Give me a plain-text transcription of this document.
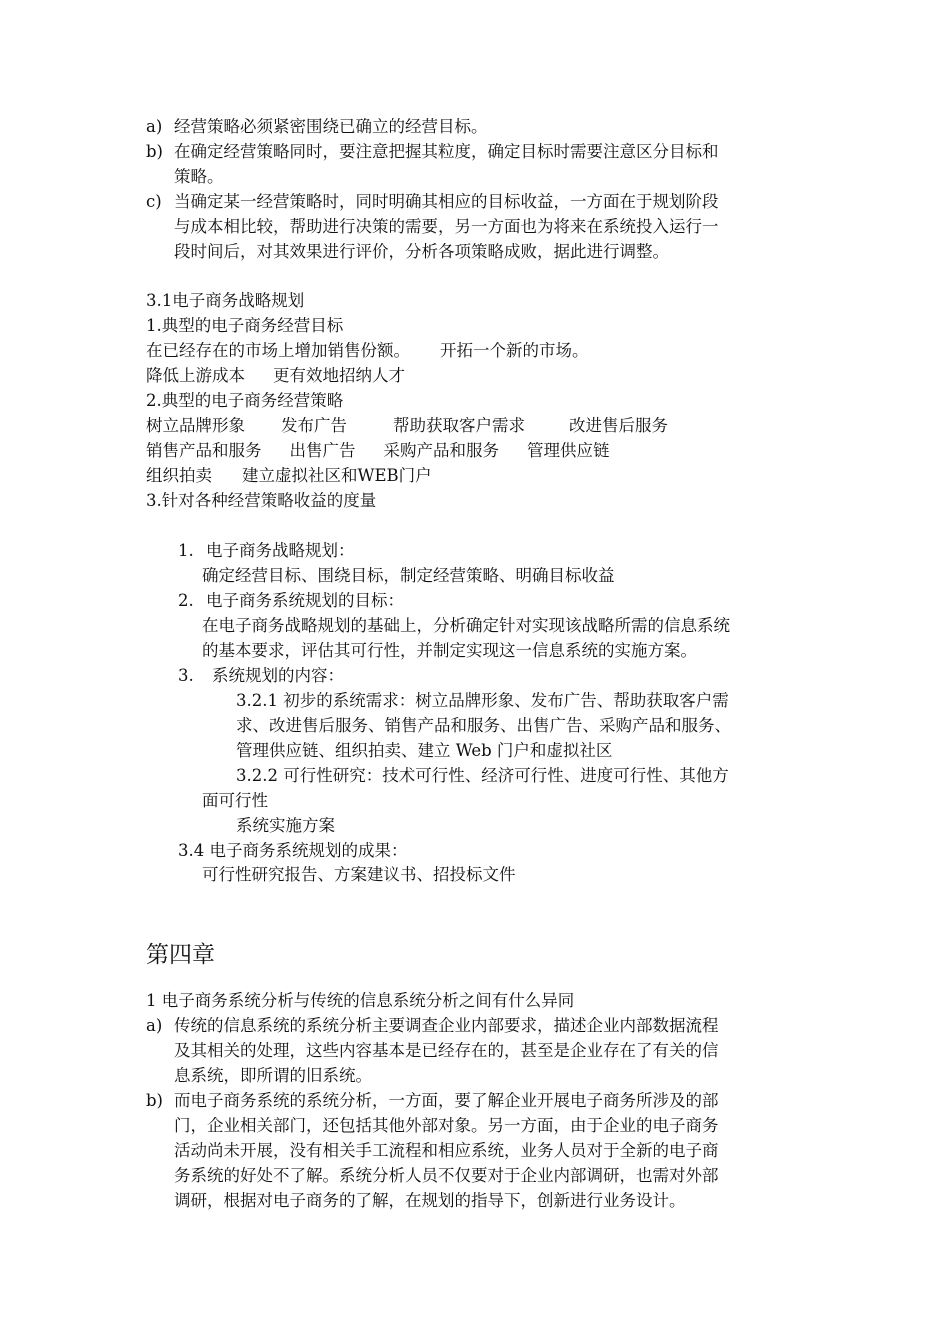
a) 经营策略必须紧密围绕已确立的经营目标。
b) 在确定经营策略同时，要注意把握其粒度，确定目标时需要注意区分目标和
策略。
c) 当确定某一经营策略时，同时明确其相应的目标收益，一方面在于规划阶段
与成本相比较，帮助进行决策的需要，另一方面也为将来在系统投入运行一
段时间后，对其效果进行评价，分析各项策略成败，据此进行调整。
3.1电子商务战略规划
1.典型的电子商务经营目标
在已经存在的市场上增加销售份额。 开拓一个新的市场。
降低上游成本 更有效地招纳人才
2.典型的电子商务经营策略
树立品牌形象 发布广告	帮助获取客户需求	改进售后服务
销售产品和服务 出售广告 采购产品和服务 管理供应链
组织拍卖 建立虚拟社区和WEB门户
3.针对各种经营策略收益的度量
1. 电子商务战略规划：
确定经营目标、围绕目标，制定经营策略、明确目标收益
2. 电子商务系统规划的目标：
在电子商务战略规划的基础上，分析确定针对实现该战略所需的信息系统
的基本要求，评估其可行性，并制定实现这一信息系统的实施方案。
3. 系统规划的内容：
3.2.1 初步的系统需求：树立品牌形象、发布广告、帮助获取客户需
求、改进售后服务、销售产品和服务、出售广告、采购产品和服务、
管理供应链、组织拍卖、建立 Web 门户和虚拟社区
3.2.2 可行性研究：技术可行性、经济可行性、进度可行性、其他方
面可行性
系统实施方案
3.4 电子商务系统规划的成果：
可行性研究报告、方案建议书、招投标文件
第四章
1 电子商务系统分析与传统的信息系统分析之间有什么异同
a) 传统的信息系统的系统分析主要调查企业内部要求，描述企业内部数据流程
及其相关的处理，这些内容基本是已经存在的，甚至是企业存在了有关的信
息系统，即所谓的旧系统。
b) 而电子商务系统的系统分析，一方面，要了解企业开展电子商务所涉及的部
门，企业相关部门，还包括其他外部对象。另一方面，由于企业的电子商务
活动尚未开展，没有相关手工流程和相应系统，业务人员对于全新的电子商
务系统的好处不了解。系统分析人员不仅要对于企业内部调研，也需对外部
调研，根据对电子商务的了解，在规划的指导下，创新进行业务设计。
